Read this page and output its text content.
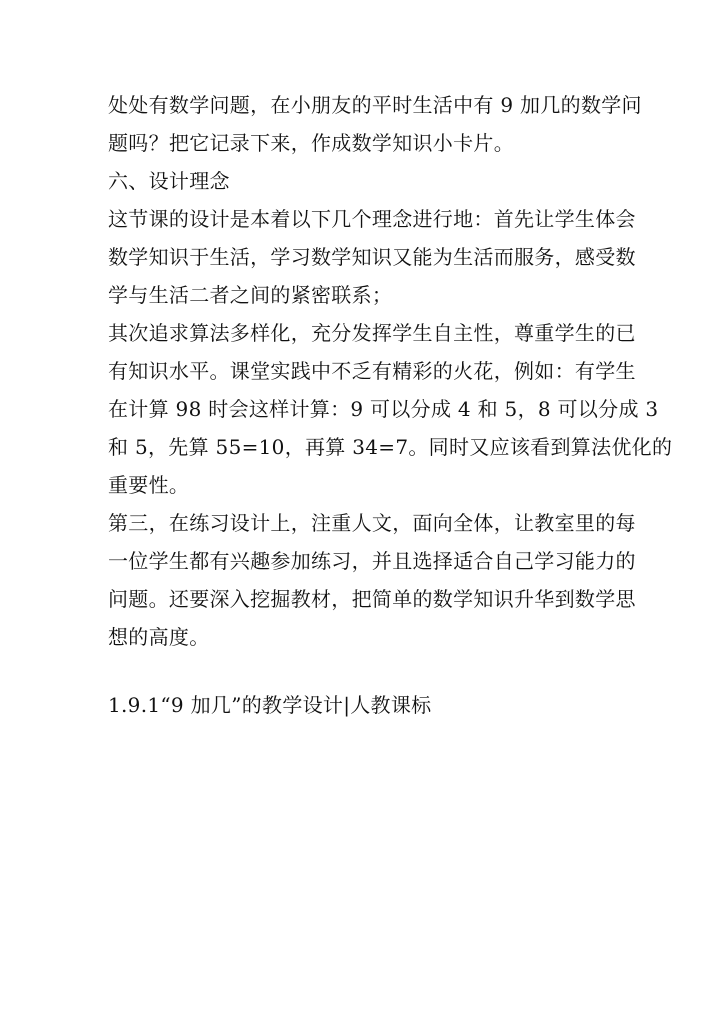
处处有数学问题，在小朋友的平时生活中有 9 加几的数学问
题吗？把它记录下来，作成数学知识小卡片。
六、设计理念
这节课的设计是本着以下几个理念进行地：首先让学生体会
数学知识于生活，学习数学知识又能为生活而服务，感受数
学与生活二者之间的紧密联系；
其次追求算法多样化，充分发挥学生自主性，尊重学生的已
有知识水平。课堂实践中不乏有精彩的火花，例如：有学生
在计算 98 时会这样计算：9 可以分成 4 和 5，8 可以分成 3
和 5，先算 55=10，再算 34=7。同时又应该看到算法优化的
重要性。
第三，在练习设计上，注重人文，面向全体，让教室里的每
一位学生都有兴趣参加练习，并且选择适合自己学习能力的
问题。还要深入挖掘教材，把简单的数学知识升华到数学思
想的高度。
1.9.1“9 加几”的教学设计|人教课标
